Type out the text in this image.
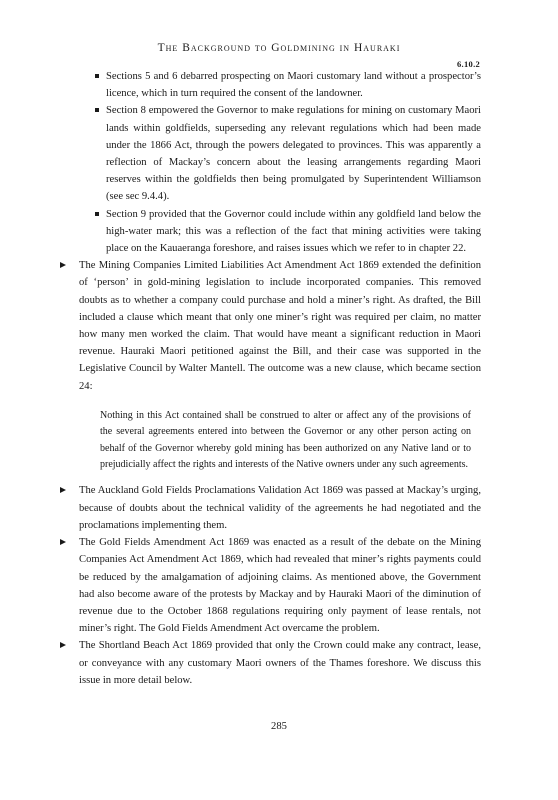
The Background to Goldmining in Hauraki
6.10.2

Sections 5 and 6 debarred prospecting on Maori customary land without a prospector’s licence, which in turn required the consent of the landowner.

Section 8 empowered the Governor to make regulations for mining on customary Maori lands within goldfields, superseding any relevant regulations which had been made under the 1866 Act, through the powers delegated to provinces. This was apparently a reflection of Mackay’s concern about the leasing arrangements regarding Maori reserves within the goldfields then being promulgated by Superintendent Williamson (see sec 9.4.4).

Section 9 provided that the Governor could include within any goldfield land below the high-water mark; this was a reflection of the fact that mining activities were taking place on the Kauaeranga foreshore, and raises issues which we refer to in chapter 22.

The Mining Companies Limited Liabilities Act Amendment Act 1869 extended the definition of ‘person’ in gold-mining legislation to include incorporated companies. This removed doubts as to whether a company could purchase and hold a miner’s right. As drafted, the Bill included a clause which meant that only one miner’s right was required per claim, no matter how many men worked the claim. That would have meant a significant reduction in Maori revenue. Hauraki Maori petitioned against the Bill, and their case was supported in the Legislative Council by Walter Mantell. The outcome was a new clause, which became section 24:

Nothing in this Act contained shall be construed to alter or affect any of the provisions of the several agreements entered into between the Governor or any other person acting on behalf of the Governor whereby gold mining has been authorized on any Native land or to prejudicially affect the rights and interests of the Native owners under any such agreements.

The Auckland Gold Fields Proclamations Validation Act 1869 was passed at Mackay’s urging, because of doubts about the technical validity of the agreements he had negotiated and the proclamations implementing them.

The Gold Fields Amendment Act 1869 was enacted as a result of the debate on the Mining Companies Act Amendment Act 1869, which had revealed that miner’s rights payments could be reduced by the amalgamation of adjoining claims. As mentioned above, the Government had also become aware of the protests by Mackay and by Hauraki Maori of the diminution of revenue due to the October 1868 regulations requiring only payment of lease rentals, not miner’s right. The Gold Fields Amendment Act overcame the problem.

The Shortland Beach Act 1869 provided that only the Crown could make any contract, lease, or conveyance with any customary Maori owners of the Thames foreshore. We discuss this issue in more detail below.

285
